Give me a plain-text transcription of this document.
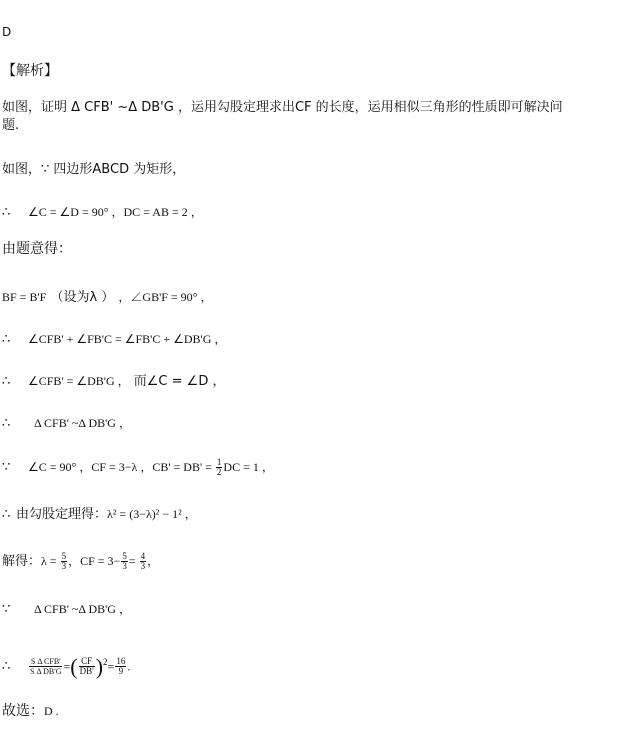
D
【解析】
如图，证明 Δ CFB' ~Δ DB'G ，运用勾股定理求出CF 的长度，运用相似三角形的性质即可解决问
题.
如图，∵ 四边形ABCD 为矩形，
∴ ∠C = ∠D = 90° ，DC = AB = 2 ，
由题意得：
BF = B'F （设为λ ） ，∠GB'F = 90° ，
∴ ∠CFB' + ∠FB'C = ∠FB'C + ∠DB'G ，
∴ ∠CFB' = ∠DB'G ， 而∠C = ∠D ，
∴ Δ CFB' ~Δ DB'G ，
∵ ∠C = 90° ，CF = 3−λ ，$CB' = DB' = \frac{1}{2}$ DC = 1 ，
∴ 由勾股定理得：λ² = (3−λ)² − 1² ，
解得：$\lambda = \frac{5}{3}$ ，CF = $3- \frac{5}{3} = \frac{4}{3}$ ，
∵ Δ CFB' ~Δ DB'G ，
∴ $\frac{\text{S Δ CFB'}}{\text{S Δ DB'G}}$ =( $\frac{CF}{DB'} )^2= \frac{16}{9}$ .
故选：D .
